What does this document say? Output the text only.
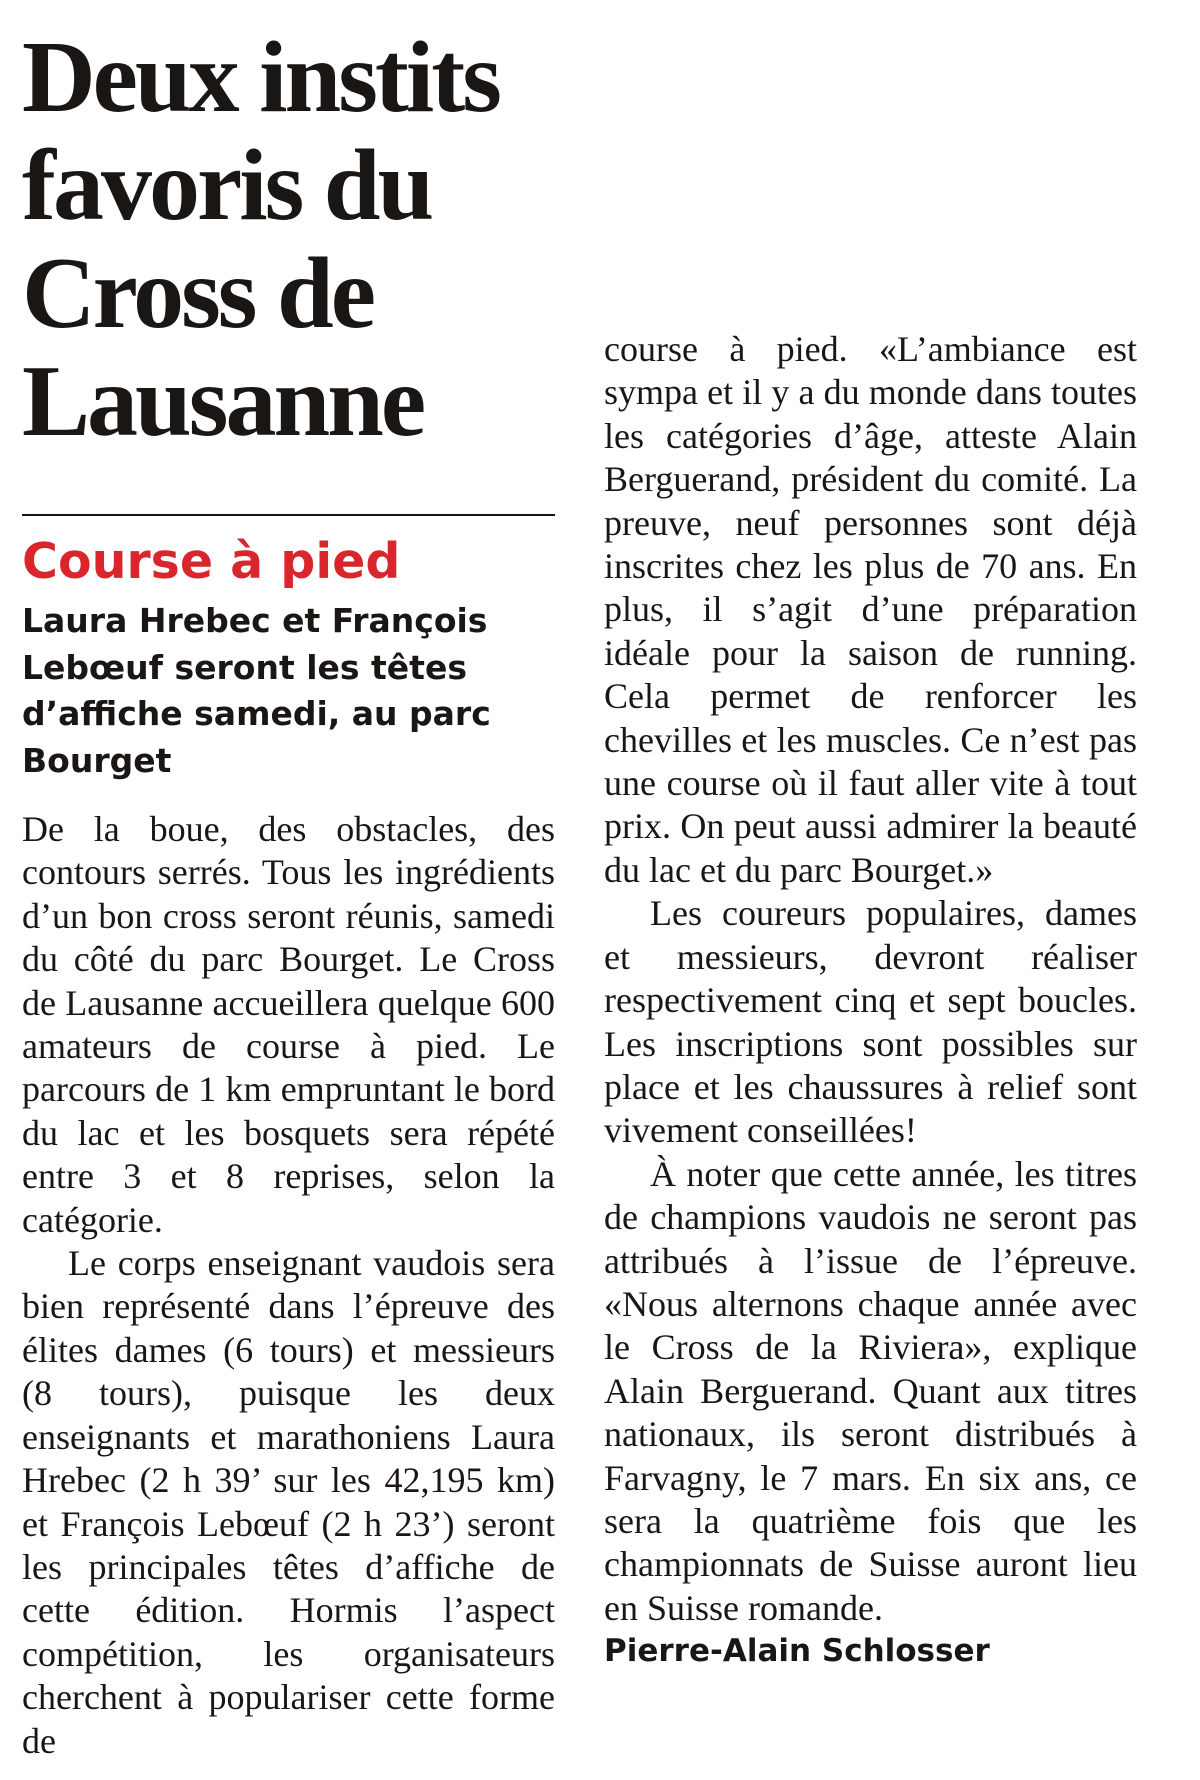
Deux instits favoris du Cross de Lausanne
Course à pied
Laura Hrebec et François Lebœuf seront les têtes d’affiche samedi, au parc Bourget

De la boue, des obstacles, des contours serrés. Tous les ingrédients d’un bon cross seront réunis, samedi du côté du parc Bourget. Le Cross de Lausanne accueillera quelque 600 amateurs de course à pied. Le parcours de 1 km empruntant le bord du lac et les bosquets sera répété entre 3 et 8 reprises, selon la catégorie.

Le corps enseignant vaudois sera bien représenté dans l’épreuve des élites dames (6 tours) et messieurs (8 tours), puisque les deux enseignants et marathoniens Laura Hrebec (2 h 39’ sur les 42,195 km) et François Lebœuf (2 h 23’) seront les principales têtes d’affiche de cette édition. Hormis l’aspect compétition, les organisateurs cherchent à populariser cette forme de

course à pied. «L’ambiance est sympa et il y a du monde dans toutes les catégories d’âge, atteste Alain Berguerand, président du comité. La preuve, neuf personnes sont déjà inscrites chez les plus de 70 ans. En plus, il s’agit d’une préparation idéale pour la saison de running. Cela permet de renforcer les chevilles et les muscles. Ce n’est pas une course où il faut aller vite à tout prix. On peut aussi admirer la beauté du lac et du parc Bourget.»

Les coureurs populaires, dames et messieurs, devront réaliser respectivement cinq et sept boucles. Les inscriptions sont possibles sur place et les chaussures à relief sont vivement conseillées!

À noter que cette année, les titres de champions vaudois ne seront pas attribués à l’issue de l’épreuve. «Nous alternons chaque année avec le Cross de la Riviera», explique Alain Berguerand. Quant aux titres nationaux, ils seront distribués à Farvagny, le 7 mars. En six ans, ce sera la quatrième fois que les championnats de Suisse auront lieu en Suisse romande.

Pierre-Alain Schlosser
